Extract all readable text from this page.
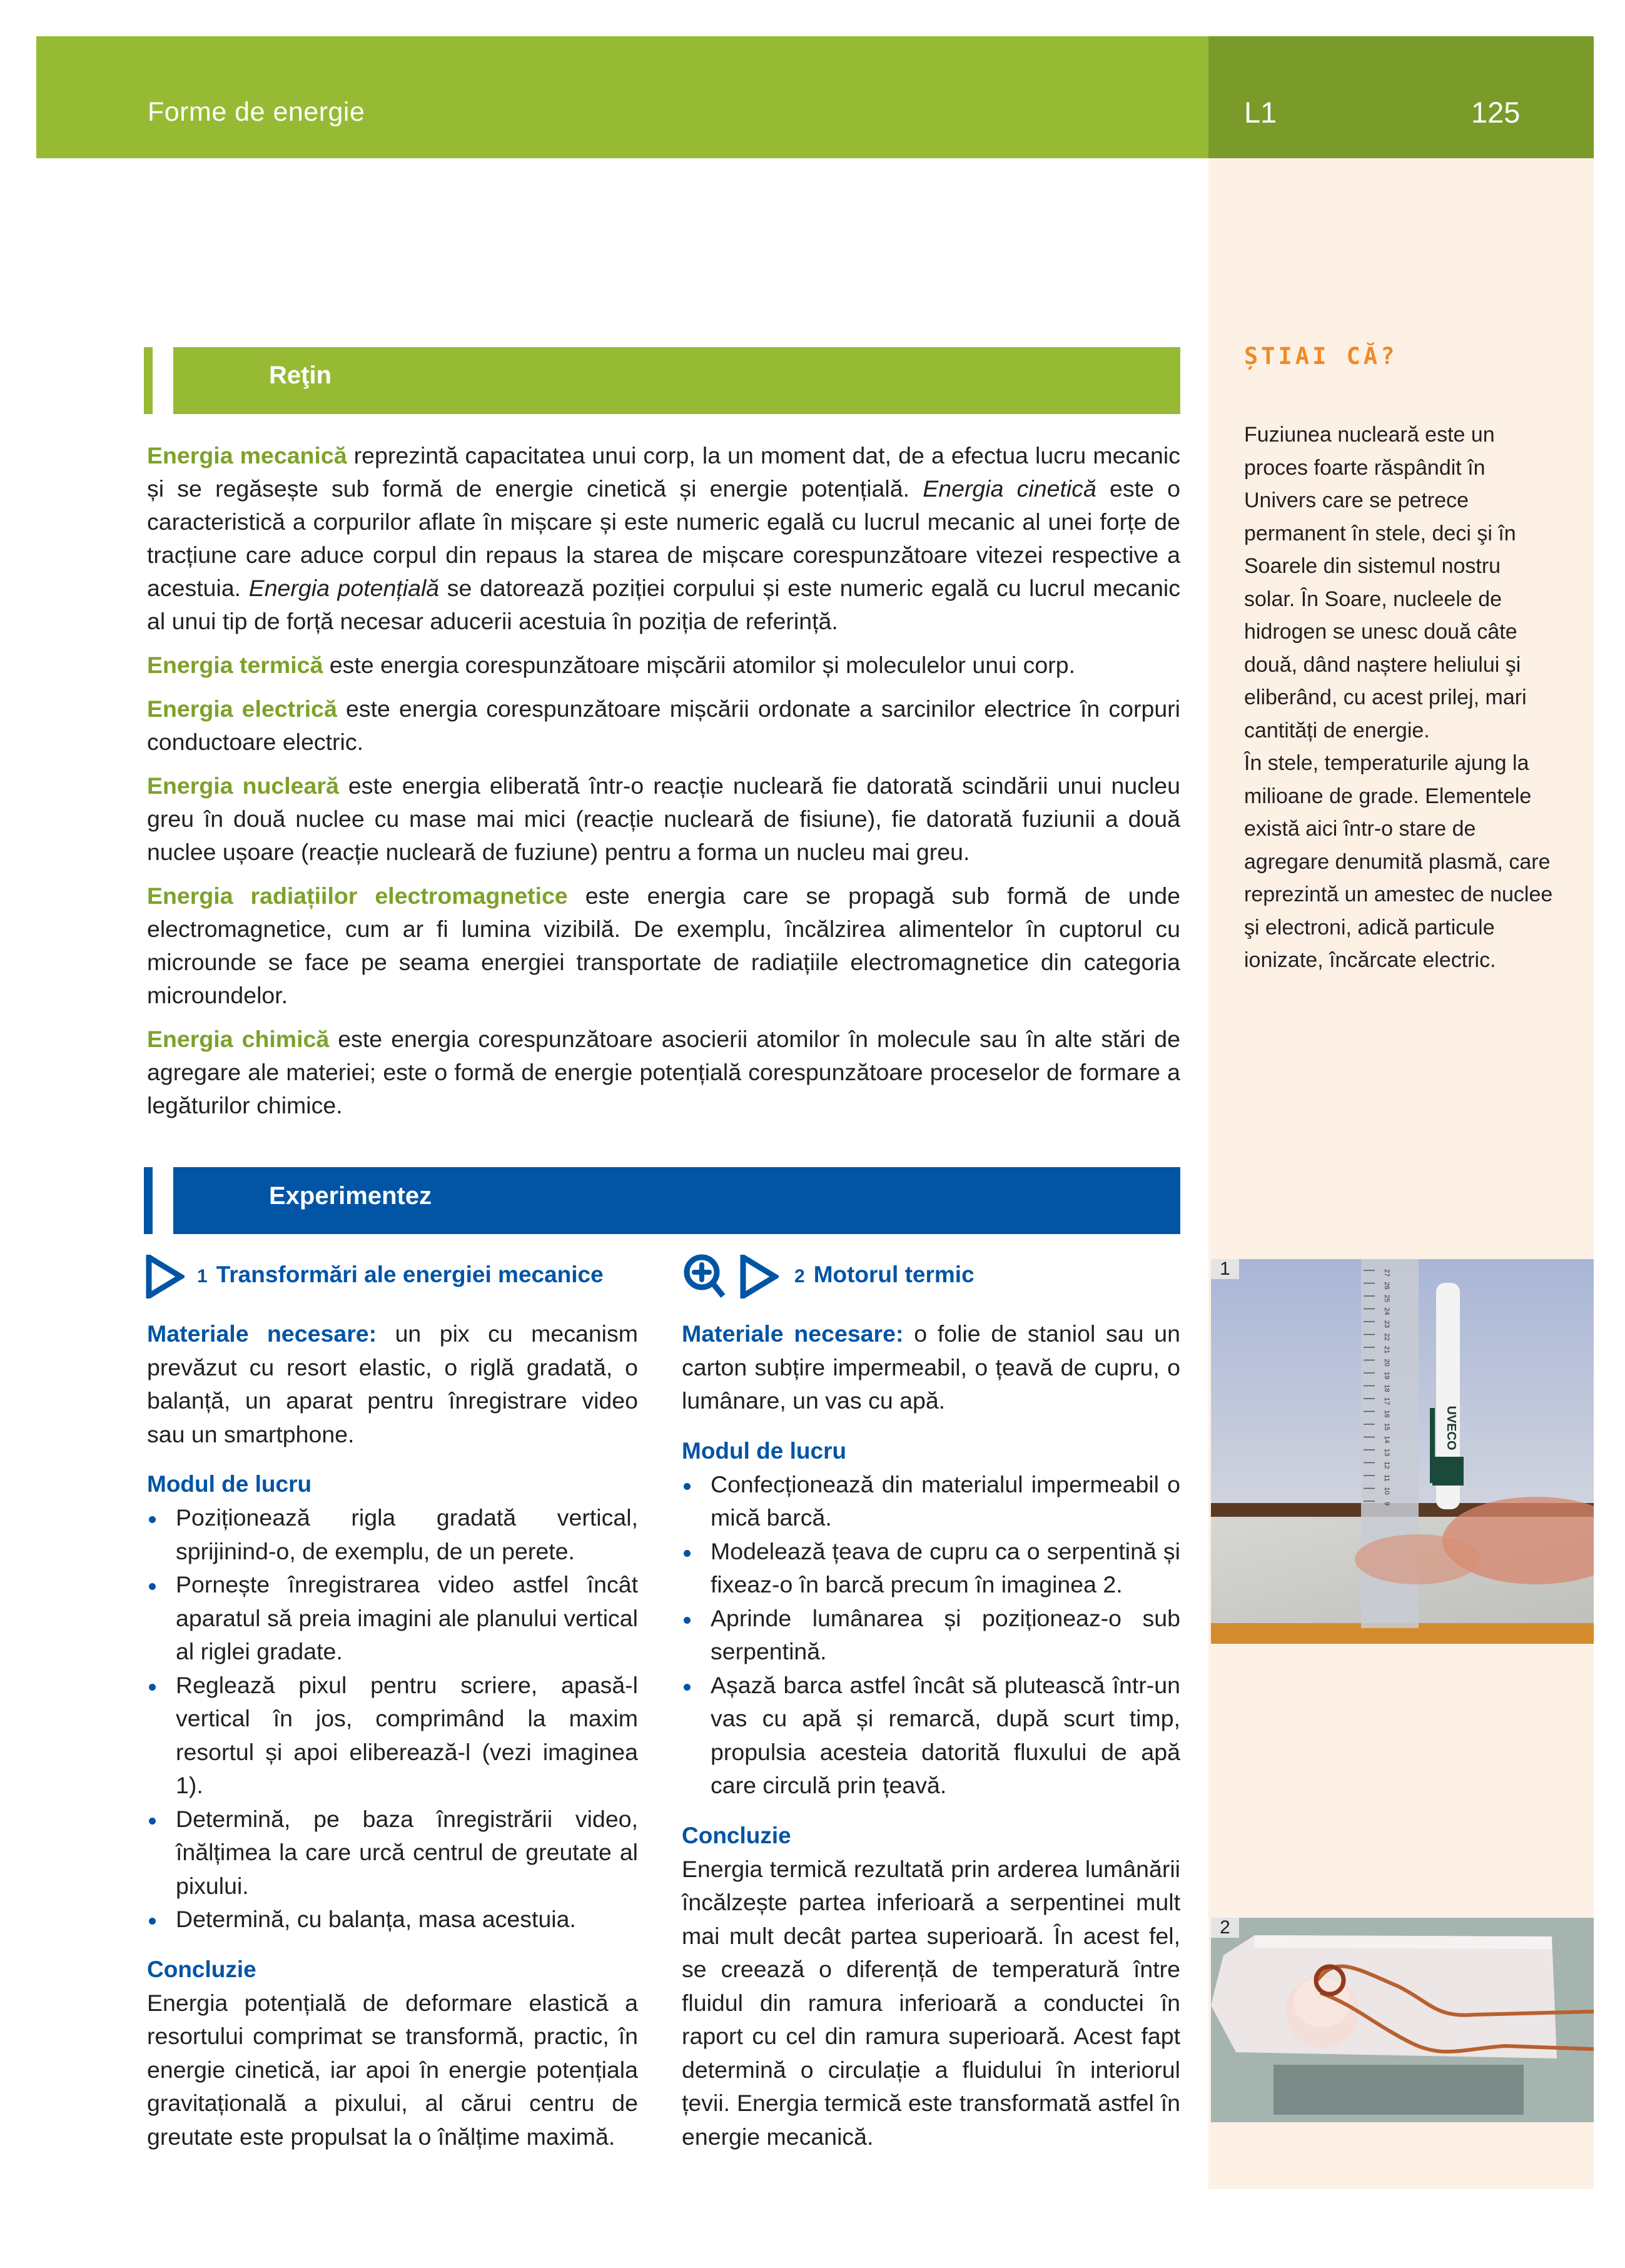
Forme de energie	L1	125
ȘTIAI CĂ?
Fuziunea nucleară este un proces foarte răspândit în Univers care se petrece permanent în stele, deci şi în Soarele din sistemul nostru solar. În Soare, nucleele de hidrogen se unesc două câte două, dând naștere heliului şi eliberând, cu acest prilej, mari cantități de energie.
În stele, temperaturile ajung la milioane de grade. Elementele există aici într-o stare de agregare denumită plasmă, care reprezintă un amestec de nuclee şi electroni, adică particule ionizate, încărcate electric.
Reţin

Energia mecanică reprezintă capacitatea unui corp, la un moment dat, de a efectua lucru mecanic și se regăsește sub formă de energie cinetică și energie potențială. Energia cinetică este o caracteristică a corpurilor aflate în mișcare și este numeric egală cu lucrul mecanic al unei forțe de tracțiune care aduce corpul din repaus la starea de mișcare corespunzătoare vitezei respective a acestuia. Energia potențială se datorează poziției corpului și este numeric egală cu lucrul mecanic al unui tip de forță necesar aducerii acestuia în poziția de referință.

Energia termică este energia corespunzătoare mișcării atomilor și moleculelor unui corp.

Energia electrică este energia corespunzătoare mișcării ordonate a sarcinilor electrice în corpuri conductoare electric.

Energia nucleară este energia eliberată într-o reacție nucleară fie datorată scindării unui nucleu greu în două nuclee cu mase mai mici (reacție nucleară de fisiune), fie datorată fuziunii a două nuclee ușoare (reacție nucleară de fuziune) pentru a forma un nucleu mai greu.

Energia radiațiilor electromagnetice este energia care se propagă sub formă de unde electromagnetice, cum ar fi lumina vizibilă. De exemplu, încălzirea alimentelor în cuptorul cu microunde se face pe seama energiei transportate de radiațiile electromagnetice din categoria microundelor.

Energia chimică este energia corespunzătoare asocierii atomilor în molecule sau în alte stări de agregare ale materiei; este o formă de energie potențială corespunzătoare proceselor de formare a legăturilor chimice.

Experimentez
1 Transformări ale energiei mecanice	2 Motorul termic

Materiale necesare: un pix cu mecanism prevăzut cu resort elastic, o riglă gradată, o balanță, un aparat pentru înregistrare video sau un smartphone.

Modul de lucru
Poziționează rigla gradată vertical, sprijinind-o, de exemplu, de un perete.
Pornește înregistrarea video astfel încât aparatul să preia imagini ale planului vertical al riglei gradate.
Reglează pixul pentru scriere, apasă-l vertical în jos, comprimând la maxim resortul și apoi eliberează-l (vezi imaginea 1).
Determină, pe baza înregistrării video, înălțimea la care urcă centrul de greutate al pixului.
Determină, cu balanța, masa acestuia.
Concluzie

Energia potențială de deformare elastică a resortului comprimat se transformă, practic, în energie cinetică, iar apoi în energie potențiala gravitațională a pixului, al cărui centru de greutate este propulsat la o înălțime maximă.

Materiale necesare: o folie de staniol sau un carton subțire impermeabil, o țeavă de cupru, o lumânare, un vas cu apă.

Modul de lucru
Confecționează din materialul impermeabil o mică barcă.
Modelează țeava de cupru ca o serpentină și fixeaz-o în barcă precum în imaginea 2.
Aprinde lumânarea și poziționeaz-o sub serpentină.
Așază barca astfel încât să plutească într-un vas cu apă și remarcă, după scurt timp, propulsia acesteia datorită fluxului de apă care circulă prin țeavă.
Concluzie

Energia termică rezultată prin arderea lumânării încălzește partea inferioară a serpentinei mult mai mult decât partea superioară. În acest fel, se creează o diferență de temperatură între fluidul din ramura inferioară a conductei în raport cu cel din ramura superioară. Acest fapt determină o circulație a fluidului în interiorul țevii. Energia termică este transformată astfel în energie mecanică.

27
26
25
24
23
22
21
20
19
18
17
16
15
14
13
12
11
10
9
UVECO
1
2
